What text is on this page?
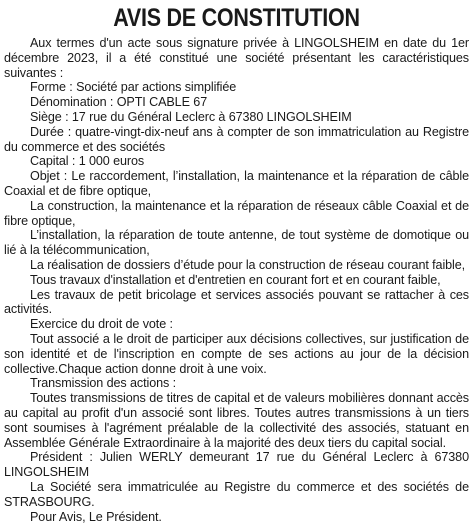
AVIS DE CONSTITUTION

Aux termes d'un acte sous signature privée à LINGOLSHEIM en date du 1er décembre 2023, il a été constitué une société présentant les caractéristiques suivantes :

Forme : Société par actions simplifiée

Dénomination : OPTI CABLE 67

Siège : 17 rue du Général Leclerc à 67380 LINGOLSHEIM

Durée : quatre-vingt-dix-neuf ans à compter de son immatriculation au Registre du commerce et des sociétés

Capital : 1 000 euros

Objet : Le raccordement, l’installation, la maintenance et la réparation de câble Coaxial et de fibre optique,

La construction, la maintenance et la réparation de réseaux câble Coaxial et de fibre optique,

L’installation, la réparation de toute antenne, de tout système de domotique ou lié à la télécommunication,

La réalisation de dossiers d’étude pour la construction de réseau courant faible,

Tous travaux d'installation et d'entretien en courant fort et en courant faible,

Les travaux de petit bricolage et services associés pouvant se rattacher à ces activités.

Exercice du droit de vote :

Tout associé a le droit de participer aux décisions collectives, sur justification de son identité et de l'inscription en compte de ses actions au jour de la décision collective.Chaque action donne droit à une voix.

Transmission des actions :

Toutes transmissions de titres de capital et de valeurs mobilières donnant accès au capital au profit d'un associé sont libres. Toutes autres transmissions à un tiers sont soumises à l'agrément préalable de la collectivité des associés, statuant en Assemblée Générale Extraordinaire à la majorité des deux tiers du capital social.

Président : Julien WERLY demeurant 17 rue du Général Leclerc à 67380 LINGOLSHEIM

La Société sera immatriculée au Registre du commerce et des sociétés de STRASBOURG.

Pour Avis, Le Président.
